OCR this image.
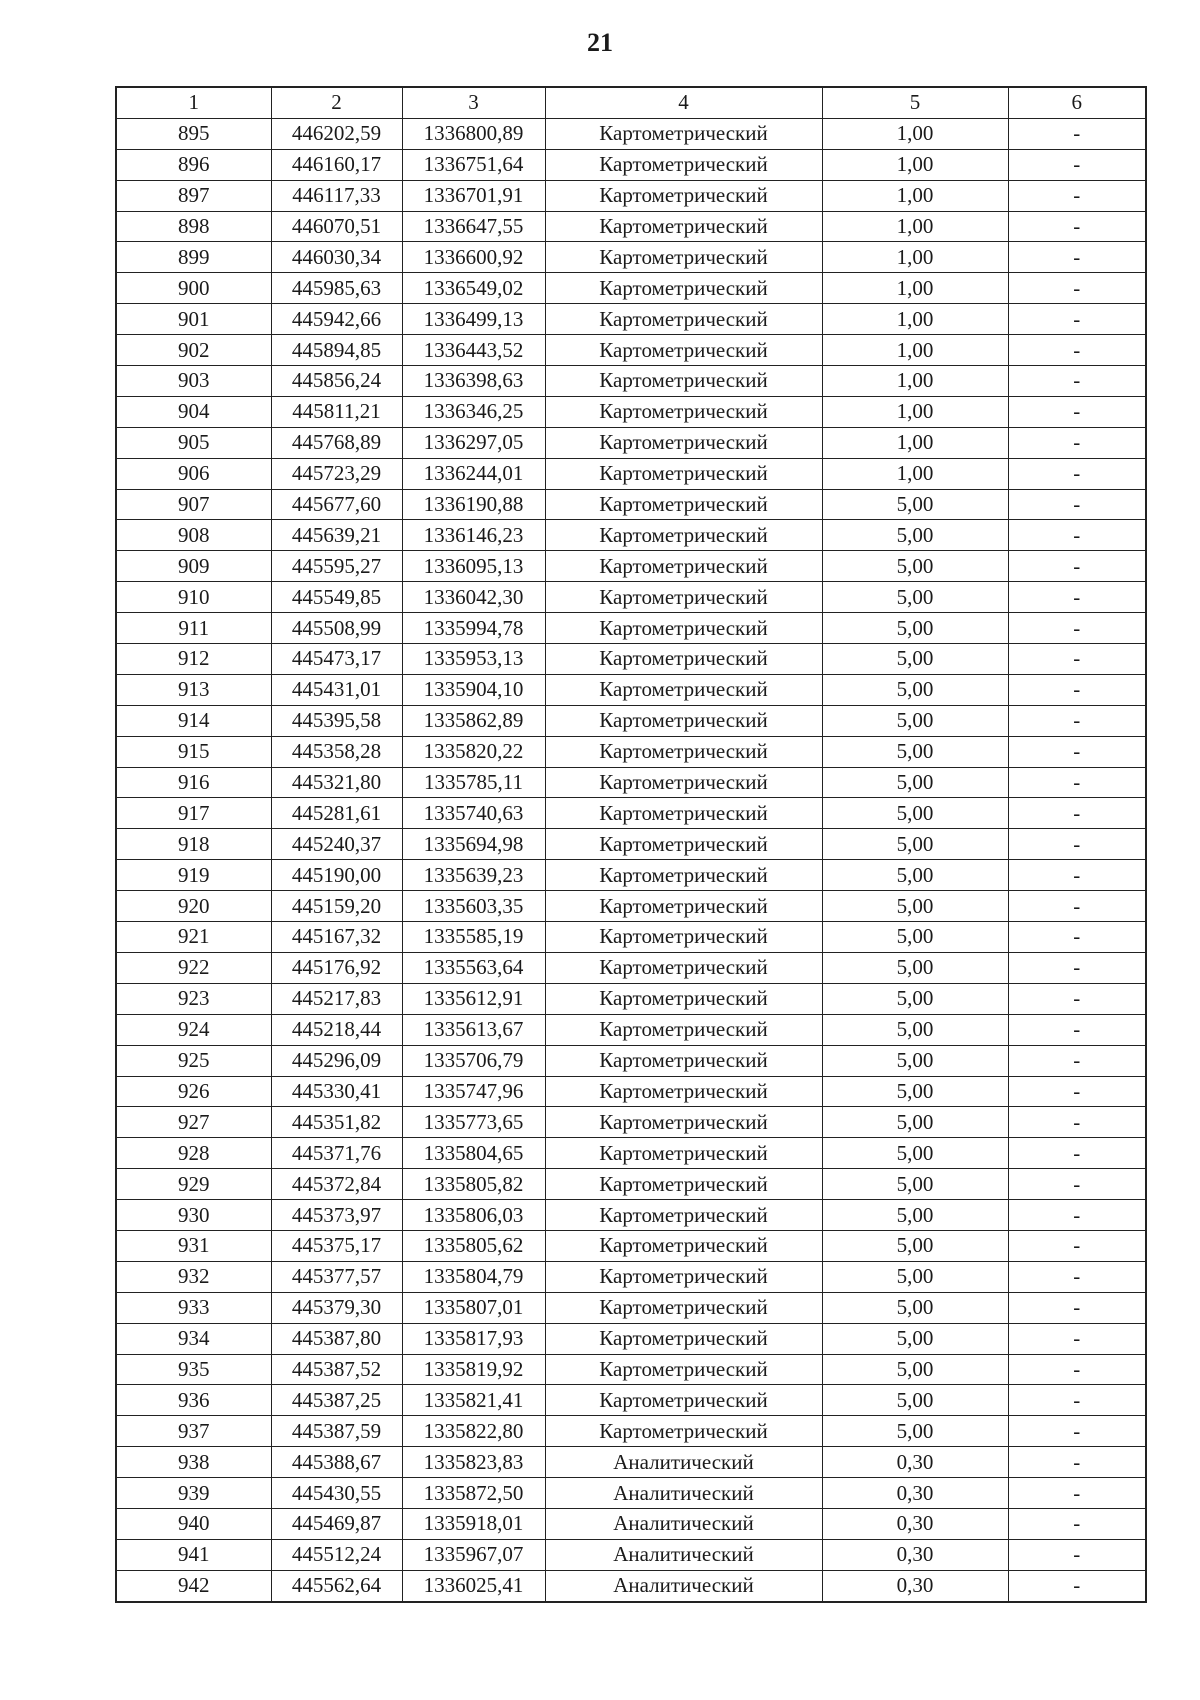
21
1	2	3	4	5	6
895	446202,59	1336800,89	Картометрический	1,00	-
896	446160,17	1336751,64	Картометрический	1,00	-
897	446117,33	1336701,91	Картометрический	1,00	-
898	446070,51	1336647,55	Картометрический	1,00	-
899	446030,34	1336600,92	Картометрический	1,00	-
900	445985,63	1336549,02	Картометрический	1,00	-
901	445942,66	1336499,13	Картометрический	1,00	-
902	445894,85	1336443,52	Картометрический	1,00	-
903	445856,24	1336398,63	Картометрический	1,00	-
904	445811,21	1336346,25	Картометрический	1,00	-
905	445768,89	1336297,05	Картометрический	1,00	-
906	445723,29	1336244,01	Картометрический	1,00	-
907	445677,60	1336190,88	Картометрический	5,00	-
908	445639,21	1336146,23	Картометрический	5,00	-
909	445595,27	1336095,13	Картометрический	5,00	-
910	445549,85	1336042,30	Картометрический	5,00	-
911	445508,99	1335994,78	Картометрический	5,00	-
912	445473,17	1335953,13	Картометрический	5,00	-
913	445431,01	1335904,10	Картометрический	5,00	-
914	445395,58	1335862,89	Картометрический	5,00	-
915	445358,28	1335820,22	Картометрический	5,00	-
916	445321,80	1335785,11	Картометрический	5,00	-
917	445281,61	1335740,63	Картометрический	5,00	-
918	445240,37	1335694,98	Картометрический	5,00	-
919	445190,00	1335639,23	Картометрический	5,00	-
920	445159,20	1335603,35	Картометрический	5,00	-
921	445167,32	1335585,19	Картометрический	5,00	-
922	445176,92	1335563,64	Картометрический	5,00	-
923	445217,83	1335612,91	Картометрический	5,00	-
924	445218,44	1335613,67	Картометрический	5,00	-
925	445296,09	1335706,79	Картометрический	5,00	-
926	445330,41	1335747,96	Картометрический	5,00	-
927	445351,82	1335773,65	Картометрический	5,00	-
928	445371,76	1335804,65	Картометрический	5,00	-
929	445372,84	1335805,82	Картометрический	5,00	-
930	445373,97	1335806,03	Картометрический	5,00	-
931	445375,17	1335805,62	Картометрический	5,00	-
932	445377,57	1335804,79	Картометрический	5,00	-
933	445379,30	1335807,01	Картометрический	5,00	-
934	445387,80	1335817,93	Картометрический	5,00	-
935	445387,52	1335819,92	Картометрический	5,00	-
936	445387,25	1335821,41	Картометрический	5,00	-
937	445387,59	1335822,80	Картометрический	5,00	-
938	445388,67	1335823,83	Аналитический	0,30	-
939	445430,55	1335872,50	Аналитический	0,30	-
940	445469,87	1335918,01	Аналитический	0,30	-
941	445512,24	1335967,07	Аналитический	0,30	-
942	445562,64	1336025,41	Аналитический	0,30	-
